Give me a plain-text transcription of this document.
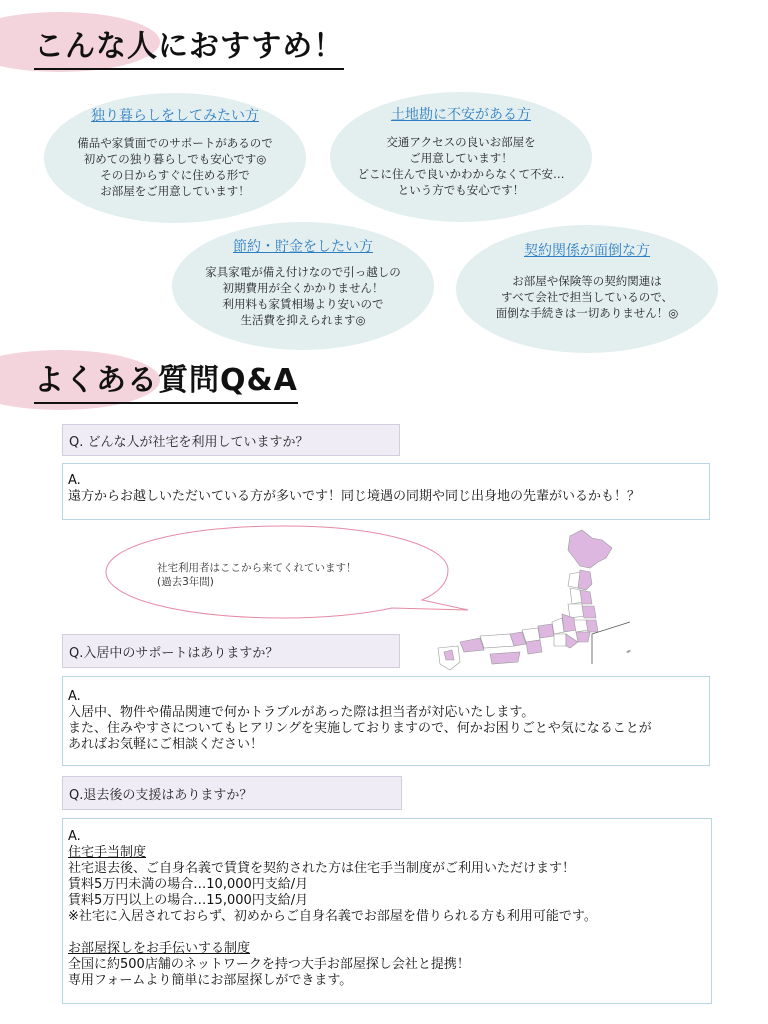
こんな人におすすめ！
独り暮らしをしてみたい方
備品や家賃面でのサポートがあるので
初めての独り暮らしでも安心です◎
その日からすぐに住める形で
お部屋をご用意しています！
土地勘に不安がある方
交通アクセスの良いお部屋を
ご用意しています！
どこに住んで良いかわからなくて不安…
という方でも安心です！
節約・貯金をしたい方
家具家電が備え付けなので引っ越しの
初期費用が全くかかりません！
利用料も家賃相場より安いので
生活費を抑えられます◎
契約関係が面倒な方
お部屋や保険等の契約関連は
すべて会社で担当しているので、
面倒な手続きは一切ありません！◎
よくある質問Q&A
Q. どんな人が社宅を利用していますか？
A.
遠方からお越しいただいている方が多いです！同じ境遇の同期や同じ出身地の先輩がいるかも！？
社宅利用者はここから来てくれています！
(過去3年間)
Q.入居中のサポートはありますか？
A.
入居中、物件や備品関連で何かトラブルがあった際は担当者が対応いたします。
また、住みやすさについてもヒアリングを実施しておりますので、何かお困りごとや気になることが
あればお気軽にご相談ください！
Q.退去後の支援はありますか？
A.
住宅手当制度
社宅退去後、ご自身名義で賃貸を契約された方は住宅手当制度がご利用いただけます！
賃料5万円未満の場合…10,000円支給/月
賃料5万円以上の場合…15,000円支給/月
※社宅に入居されておらず、初めからご自身名義でお部屋を借りられる方も利用可能です。
お部屋探しをお手伝いする制度
全国に約500店舗のネットワークを持つ大手お部屋探し会社と提携！
専用フォームより簡単にお部屋探しができます。
